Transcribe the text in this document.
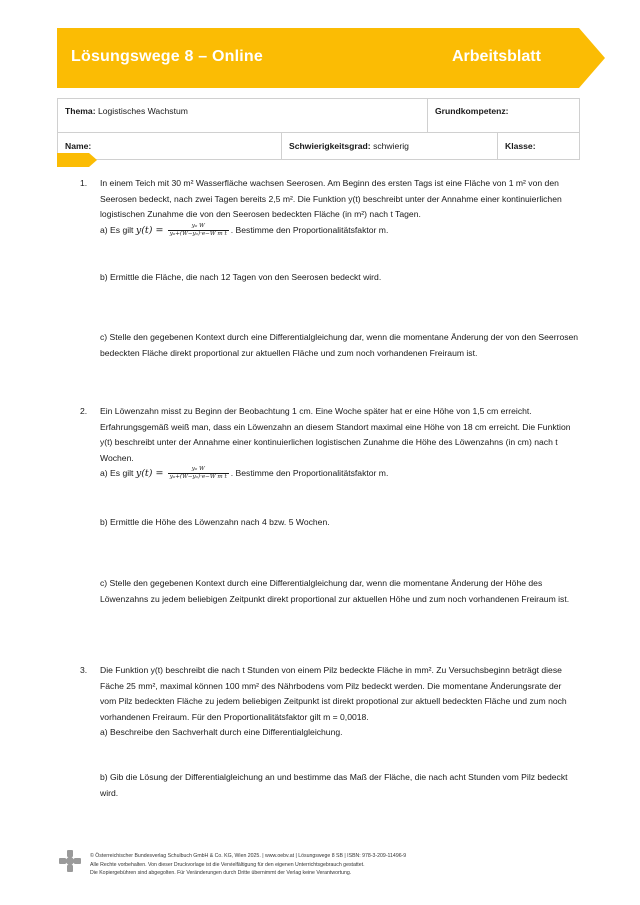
Lösungswege 8 – Online	Arbeitsblatt
Thema: Logistisches Wachstum		Grundkompetenz:	
Name:	Schwierigkeitsgrad: schwierig		Klasse:
1. In einem Teich mit 30 m² Wasserfläche wachsen Seerosen. Am Beginn des ersten Tags ist eine Fläche von 1 m² von den Seerosen bedeckt, nach zwei Tagen bereits 2,5 m². Die Funktion y(t) beschreibt unter der Annahme einer kontinuierlichen logistischen Zunahme die von den Seerosen bedeckten Fläche (in m²) nach t Tagen.

a) Es gilt $y(t) = \frac{\text{y₀ W}}{\text{y₀+(W−y₀)·e−W m t}}$ . Bestimme den Proportionalitätsfaktor m.

b) Ermittle die Fläche, die nach 12 Tagen von den Seerosen bedeckt wird.

c) Stelle den gegebenen Kontext durch eine Differentialgleichung dar, wenn die momentane Änderung der von den Seerrosen bedeckten Fläche direkt proportional zur aktuellen Fläche und zum noch vorhandenen Freiraum ist.

2. Ein Löwenzahn misst zu Beginn der Beobachtung 1 cm. Eine Woche später hat er eine Höhe von 1,5 cm erreicht. Erfahrungsgemäß weiß man, dass ein Löwenzahn an diesem Standort maximal eine Höhe von 18 cm erreicht. Die Funktion y(t) beschreibt unter der Annahme einer kontinuierlichen logistischen Zunahme die Höhe des Löwenzahns (in cm) nach t Wochen.

a) Es gilt $y(t) = \frac{\text{y₀ W}}{\text{y₀+(W−y₀)·e−W m t}}$ . Bestimme den Proportionalitätsfaktor m.

b) Ermittle die Höhe des Löwenzahn nach 4 bzw. 5 Wochen.

c) Stelle den gegebenen Kontext durch eine Differentialgleichung dar, wenn die momentane Änderung der Höhe des Löwenzahns zu jedem beliebigen Zeitpunkt direkt proportional zur aktuellen Höhe und zum noch vorhandenen Freiraum ist.

3. Die Funktion y(t) beschreibt die nach t Stunden von einem Pilz bedeckte Fläche in mm². Zu Versuchsbeginn beträgt diese Fäche 25 mm², maximal können 100 mm² des Nährbodens vom Pilz bedeckt werden. Die momentane Änderungsrate der vom Pilz bedeckten Fläche zu jedem beliebigen Zeitpunkt ist direkt propotional zur aktuell bedeckten Fläche und zum noch vorhandenen Freiraum. Für den Proportionalitätsfaktor gilt m = 0,0018.

a) Beschreibe den Sachverhalt durch eine Differentialgleichung.

b) Gib die Lösung der Differentialgleichung an und bestimme das Maß der Fläche, die nach acht Stunden vom Pilz bedeckt wird.

© Österreichischer Bundesverlag Schulbuch GmbH & Co. KG, Wien 2025. | www.oebv.at | Lösungswege 8 SB | ISBN: 978-3-209-11496-9

Alle Rechte vorbehalten. Von dieser Druckvorlage ist die Vervielfältigung für den eigenen Unterrichtsgebrauch gestattet.

Die Kopiergebühren sind abgegolten. Für Veränderungen durch Dritte übernimmt der Verlag keine Verantwortung.
